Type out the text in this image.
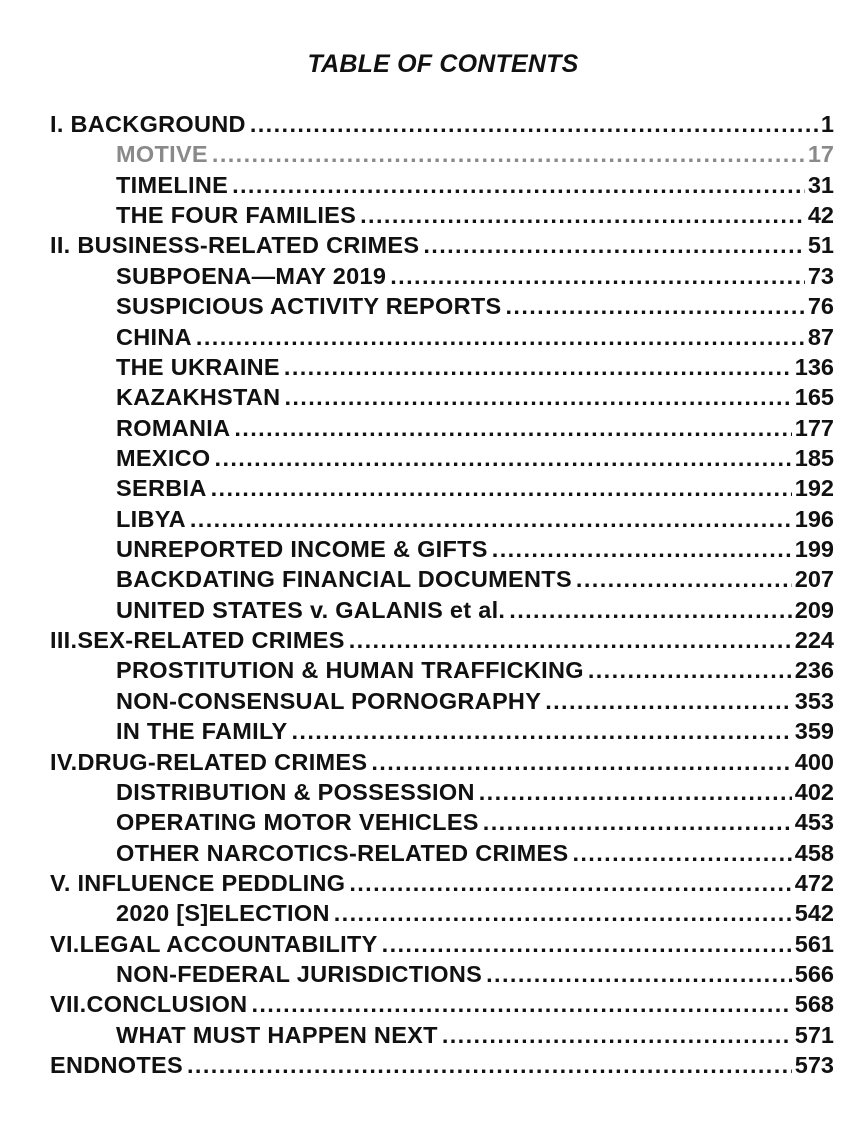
TABLE OF CONTENTS
I. BACKGROUND .....	1
MOTIVE .....	17
TIMELINE .....	31
THE FOUR FAMILIES .....	42
II. BUSINESS-RELATED CRIMES .....	51
SUBPOENA—MAY 2019 .....	73
SUSPICIOUS ACTIVITY REPORTS .....	76
CHINA .....	87
THE UKRAINE .....	136
KAZAKHSTAN .....	165
ROMANIA .....	177
MEXICO .....	185
SERBIA .....	192
LIBYA .....	196
UNREPORTED INCOME & GIFTS .....	199
BACKDATING FINANCIAL DOCUMENTS .....	207
UNITED STATES v. GALANIS et al. .....	209
III.SEX-RELATED CRIMES .....	224
PROSTITUTION & HUMAN TRAFFICKING .....	236
NON-CONSENSUAL PORNOGRAPHY .....	353
IN THE FAMILY .....	359
IV.DRUG-RELATED CRIMES .....	400
DISTRIBUTION & POSSESSION .....	402
OPERATING MOTOR VEHICLES .....	453
OTHER NARCOTICS-RELATED CRIMES .....	458
V. INFLUENCE PEDDLING .....	472
2020 [S]ELECTION .....	542
VI.LEGAL ACCOUNTABILITY .....	561
NON-FEDERAL JURISDICTIONS .....	566
VII.CONCLUSION .....	568
WHAT MUST HAPPEN NEXT .....	571
ENDNOTES .....	573
